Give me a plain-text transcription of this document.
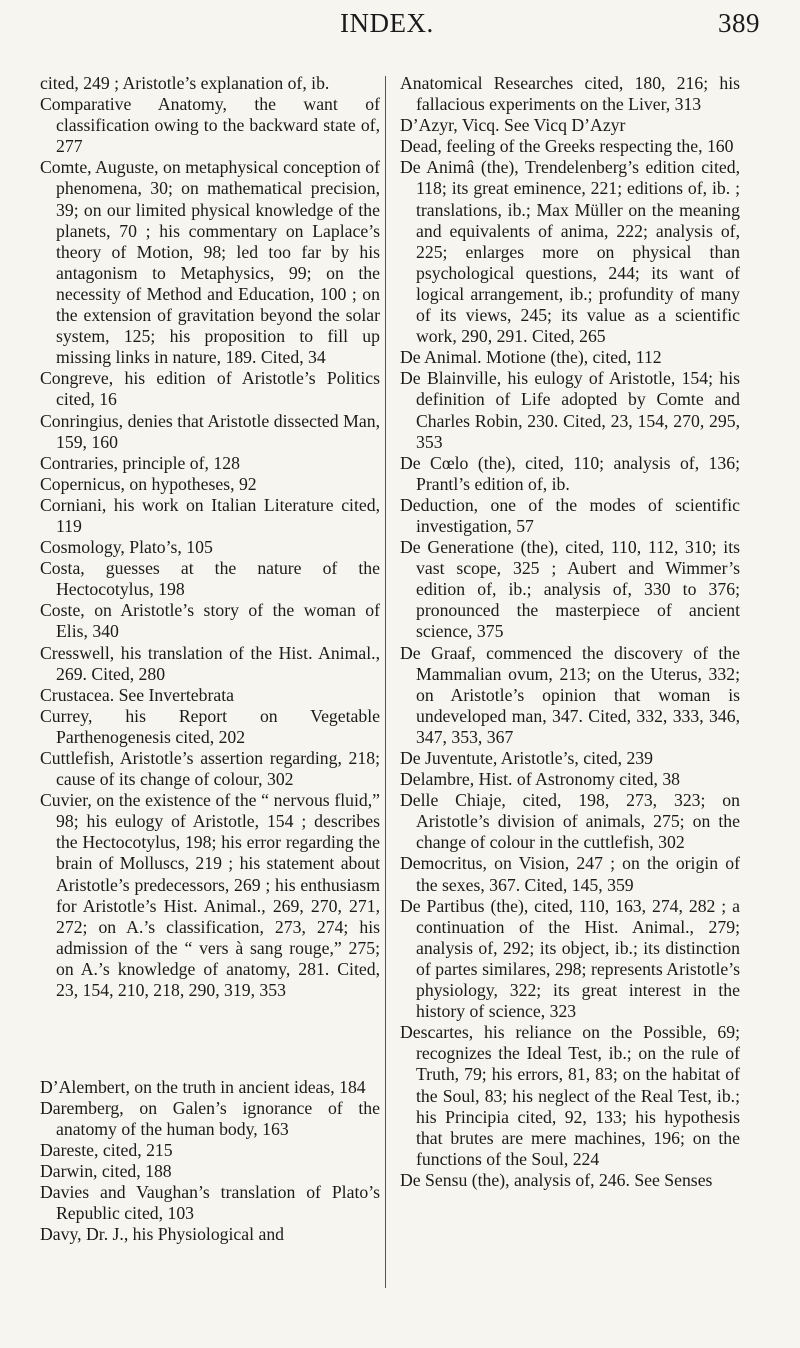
INDEX.	389

cited, 249 ; Aristotle’s explanation of, ib.

Comparative Anatomy, the want of classification owing to the backward state of, 277

Comte, Auguste, on metaphysical conception of phenomena, 30; on mathematical precision, 39; on our limited physical knowledge of the planets, 70 ; his commentary on Laplace’s theory of Motion, 98; led too far by his antagonism to Metaphysics, 99; on the necessity of Method and Education, 100 ; on the extension of gravitation beyond the solar system, 125; his proposition to fill up missing links in nature, 189. Cited, 34

Congreve, his edition of Aristotle’s Politics cited, 16

Conringius, denies that Aristotle dissected Man, 159, 160

Contraries, principle of, 128

Copernicus, on hypotheses, 92

Corniani, his work on Italian Literature cited, 119

Cosmology, Plato’s, 105

Costa, guesses at the nature of the Hectocotylus, 198

Coste, on Aristotle’s story of the woman of Elis, 340

Cresswell, his translation of the Hist. Animal., 269. Cited, 280

Crustacea. See Invertebrata

Currey, his Report on Vegetable Parthenogenesis cited, 202

Cuttlefish, Aristotle’s assertion regarding, 218; cause of its change of colour, 302

Cuvier, on the existence of the “ nervous fluid,” 98; his eulogy of Aristotle, 154 ; describes the Hectocotylus, 198; his error regarding the brain of Molluscs, 219 ; his statement about Aristotle’s predecessors, 269 ; his enthusiasm for Aristotle’s Hist. Animal., 269, 270, 271, 272; on A.’s classification, 273, 274; his admission of the “ vers à sang rouge,” 275; on A.’s knowledge of anatomy, 281. Cited, 23, 154, 210, 218, 290, 319, 353

D’Alembert, on the truth in ancient ideas, 184

Daremberg, on Galen’s ignorance of the anatomy of the human body, 163

Dareste, cited, 215

Darwin, cited, 188

Davies and Vaughan’s translation of Plato’s Republic cited, 103

Davy, Dr. J., his Physiological and

Anatomical Researches cited, 180, 216; his fallacious experiments on the Liver, 313

D’Azyr, Vicq. See Vicq D’Azyr

Dead, feeling of the Greeks respecting the, 160

De Animâ (the), Trendelenberg’s edition cited, 118; its great eminence, 221; editions of, ib. ; translations, ib.; Max Müller on the meaning and equivalents of anima, 222; analysis of, 225; enlarges more on physical than psychological questions, 244; its want of logical arrangement, ib.; profundity of many of its views, 245; its value as a scientific work, 290, 291. Cited, 265

De Animal. Motione (the), cited, 112

De Blainville, his eulogy of Aristotle, 154; his definition of Life adopted by Comte and Charles Robin, 230. Cited, 23, 154, 270, 295, 353

De Cœlo (the), cited, 110; analysis of, 136; Prantl’s edition of, ib.

Deduction, one of the modes of scientific investigation, 57

De Generatione (the), cited, 110, 112, 310; its vast scope, 325 ; Aubert and Wimmer’s edition of, ib.; analysis of, 330 to 376; pronounced the masterpiece of ancient science, 375

De Graaf, commenced the discovery of the Mammalian ovum, 213; on the Uterus, 332; on Aristotle’s opinion that woman is undeveloped man, 347. Cited, 332, 333, 346, 347, 353, 367

De Juventute, Aristotle’s, cited, 239

Delambre, Hist. of Astronomy cited, 38

Delle Chiaje, cited, 198, 273, 323; on Aristotle’s division of animals, 275; on the change of colour in the cuttlefish, 302

Democritus, on Vision, 247 ; on the origin of the sexes, 367. Cited, 145, 359

De Partibus (the), cited, 110, 163, 274, 282 ; a continuation of the Hist. Animal., 279; analysis of, 292; its object, ib.; its distinction of partes similares, 298; represents Aristotle’s physiology, 322; its great interest in the history of science, 323

Descartes, his reliance on the Possible, 69; recognizes the Ideal Test, ib.; on the rule of Truth, 79; his errors, 81, 83; on the habitat of the Soul, 83; his neglect of the Real Test, ib.; his Principia cited, 92, 133; his hypothesis that brutes are mere machines, 196; on the functions of the Soul, 224

De Sensu (the), analysis of, 246. See Senses
